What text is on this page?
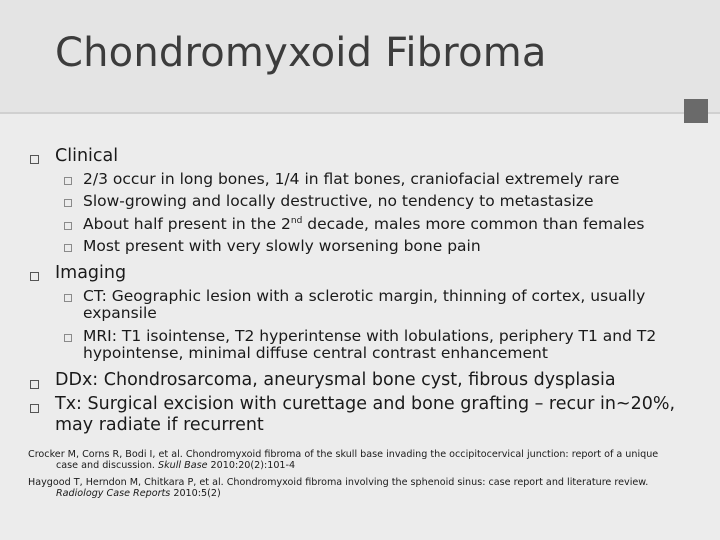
Chondromyxoid Fibroma
Clinical
2/3 occur in long bones, 1/4 in flat bones, craniofacial extremely rare
Slow-growing and locally destructive, no tendency to metastasize
About half present in the 2nd decade, males more common than females
Most present with very slowly worsening bone pain
Imaging
CT: Geographic lesion with a sclerotic margin, thinning of cortex, usually
expansile
MRI: T1 isointense, T2 hyperintense with lobulations, periphery T1 and T2
hypointense, minimal diffuse central contrast enhancement
DDx: Chondrosarcoma, aneurysmal bone cyst, fibrous dysplasia
Tx: Surgical excision with curettage and bone grafting – recur in~20%,
may radiate if recurrent
Crocker M, Corns R, Bodi I, et al. Chondromyxoid fibroma of the skull base invading the occipitocervical junction: report of a unique
case and discussion. Skull Base 2010:20(2):101-4
Haygood T, Herndon M, Chitkara P, et al. Chondromyxoid fibroma involving the sphenoid sinus: case report and literature review.
Radiology Case Reports 2010:5(2)
